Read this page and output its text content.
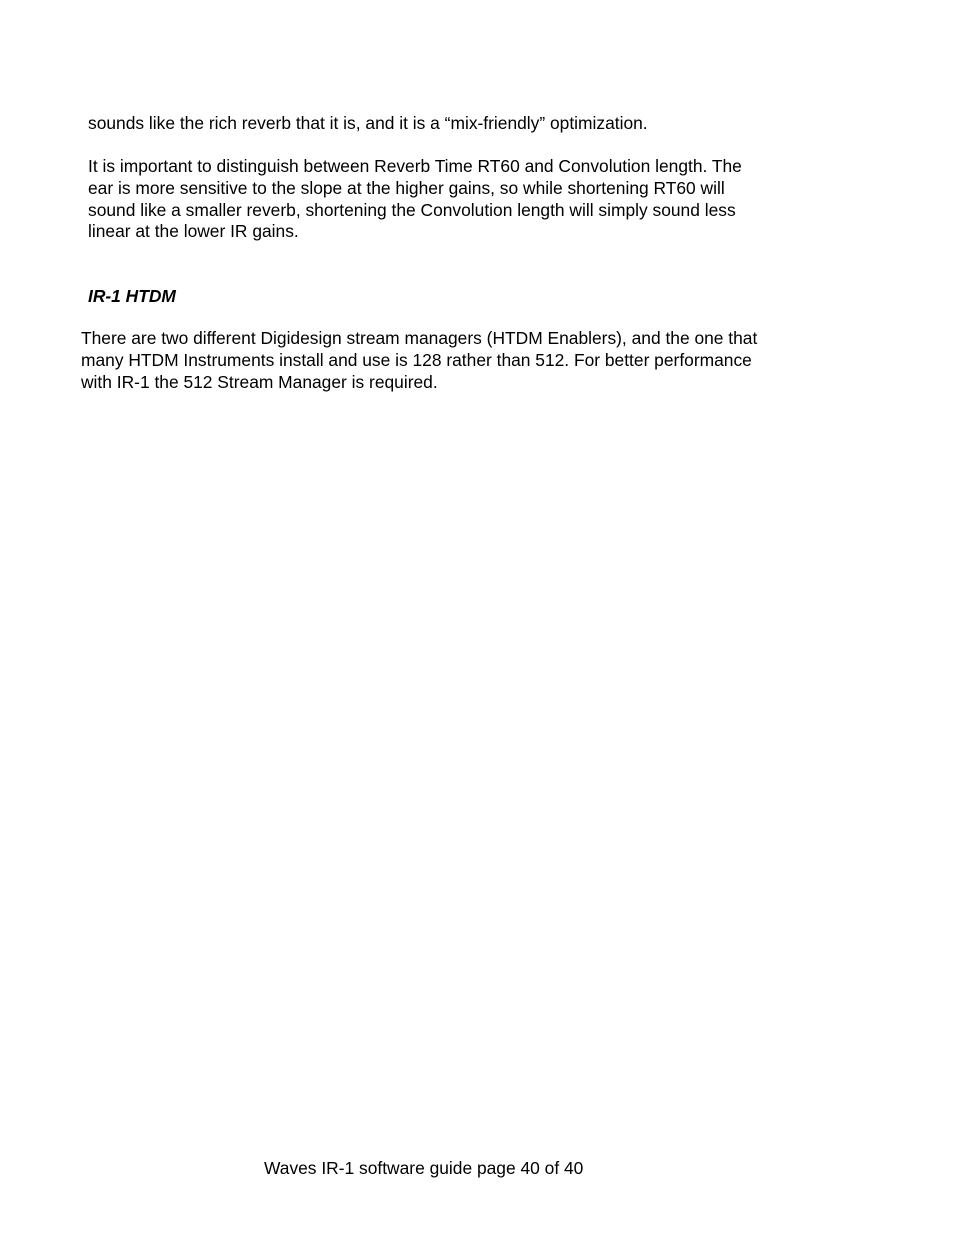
sounds like the rich reverb that it is, and it is a “mix-friendly” optimization.

It is important to distinguish between Reverb Time RT60 and Convolution length. The

ear is more sensitive to the slope at the higher gains, so while shortening RT60 will

sound like a smaller reverb, shortening the Convolution length will simply sound less

linear at the lower IR gains.

IR-1 HTDM

There are two different Digidesign stream managers (HTDM Enablers), and the one that

many HTDM Instruments install and use is 128 rather than 512. For better performance

with IR-1 the 512 Stream Manager is required.

Waves IR-1 software guide page 40 of 40
